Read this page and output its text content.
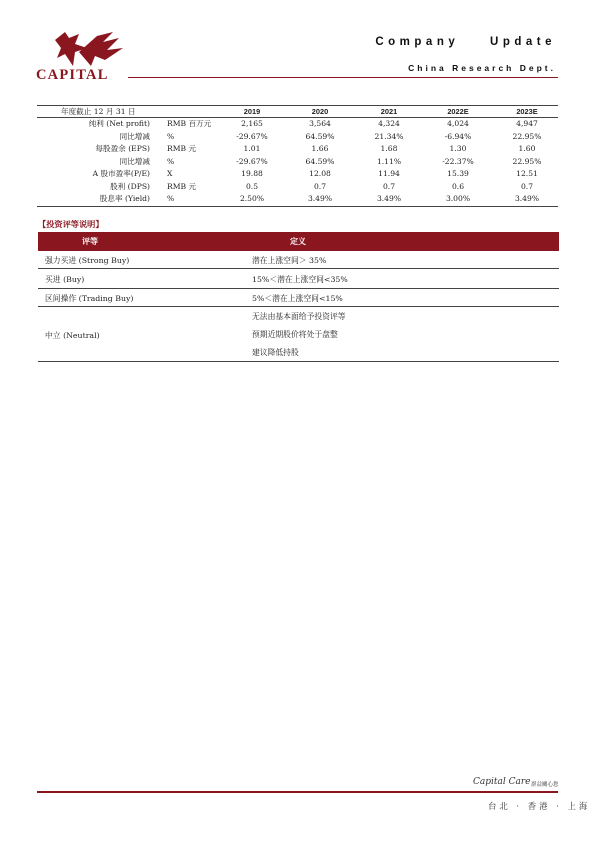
CAPITAL
Company    Update
China Research Dept.
年度截止 12 月 31 日	2019	2020	2021	2022E	2023E
纯利 (Net profit) RMB 百万元	2,165	3,564	4,324	4,024	4,947
同比增减 %	-29.67%	64.59%	21.34%	-6.94%	22.95%
每股盈余 (EPS) RMB 元	1.01	1.66	1.68	1.30	1.60
同比增减 %	-29.67%	64.59%	1.11%	-22.37%	22.95%
A 股市盈率(P/E) X	19.88	12.08	11.94	15.39	12.51
股利 (DPS) RMB 元	0.5	0.7	0.7	0.6	0.7
股息率 (Yield) %	2.50%	3.49%	3.49%	3.00%	3.49%
【投资评等说明】
评等	定义
强力买进 (Strong Buy)	潜在上涨空间＞ 35%
买进 (Buy)	15%＜潜在上涨空间<35%
区间操作 (Trading Buy)	5%＜潜在上涨空间<15%
中立 (Neutral)
无法由基本面给予投资评等
预期近期股价将处于盘整
建议降低持股
Capital Care 群益關心您
台北 · 香港 · 上海
